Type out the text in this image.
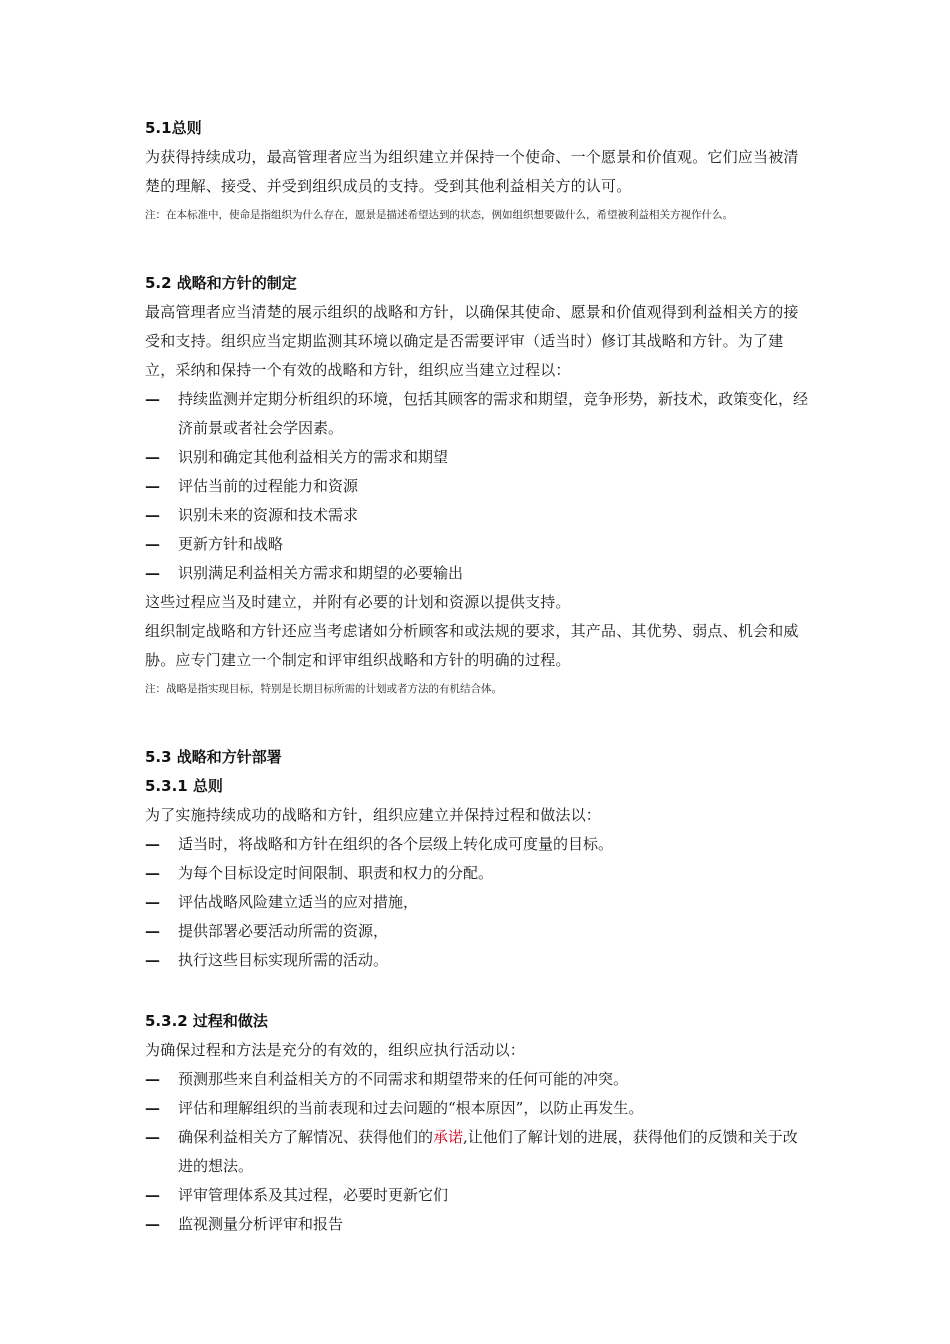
5.1总则

为获得持续成功，最高管理者应当为组织建立并保持一个使命、一个愿景和价值观。它们应当被清楚的理解、接受、并受到组织成员的支持。受到其他利益相关方的认可。

注：在本标准中，使命是指组织为什么存在，愿景是描述希望达到的状态，例如组织想要做什么，希望被利益相关方视作什么。

5.2 战略和方针的制定

最高管理者应当清楚的展示组织的战略和方针，以确保其使命、愿景和价值观得到利益相关方的接受和支持。组织应当定期监测其环境以确定是否需要评审（适当时）修订其战略和方针。为了建立，采纳和保持一个有效的战略和方针，组织应当建立过程以：

— 持续监测并定期分析组织的环境，包括其顾客的需求和期望，竞争形势，新技术，政策变化，经济前景或者社会学因素。
— 识别和确定其他利益相关方的需求和期望
— 评估当前的过程能力和资源
— 识别未来的资源和技术需求
— 更新方针和战略
— 识别满足利益相关方需求和期望的必要输出

这些过程应当及时建立，并附有必要的计划和资源以提供支持。

组织制定战略和方针还应当考虑诸如分析顾客和或法规的要求，其产品、其优势、弱点、机会和威胁。应专门建立一个制定和评审组织战略和方针的明确的过程。

注：战略是指实现目标，特别是长期目标所需的计划或者方法的有机结合体。

5.3 战略和方针部署
5.3.1 总则

为了实施持续成功的战略和方针，组织应建立并保持过程和做法以：

— 适当时，将战略和方针在组织的各个层级上转化成可度量的目标。
— 为每个目标设定时间限制、职责和权力的分配。
— 评估战略风险建立适当的应对措施，
— 提供部署必要活动所需的资源，
— 执行这些目标实现所需的活动。
5.3.2 过程和做法

为确保过程和方法是充分的有效的，组织应执行活动以：

— 预测那些来自利益相关方的不同需求和期望带来的任何可能的冲突。
— 评估和理解组织的当前表现和过去问题的“根本原因”，以防止再发生。
— 确保利益相关方了解情况、获得他们的承诺,让他们了解计划的进展，获得他们的反馈和关于改进的想法。
— 评审管理体系及其过程，必要时更新它们
— 监视测量分析评审和报告
